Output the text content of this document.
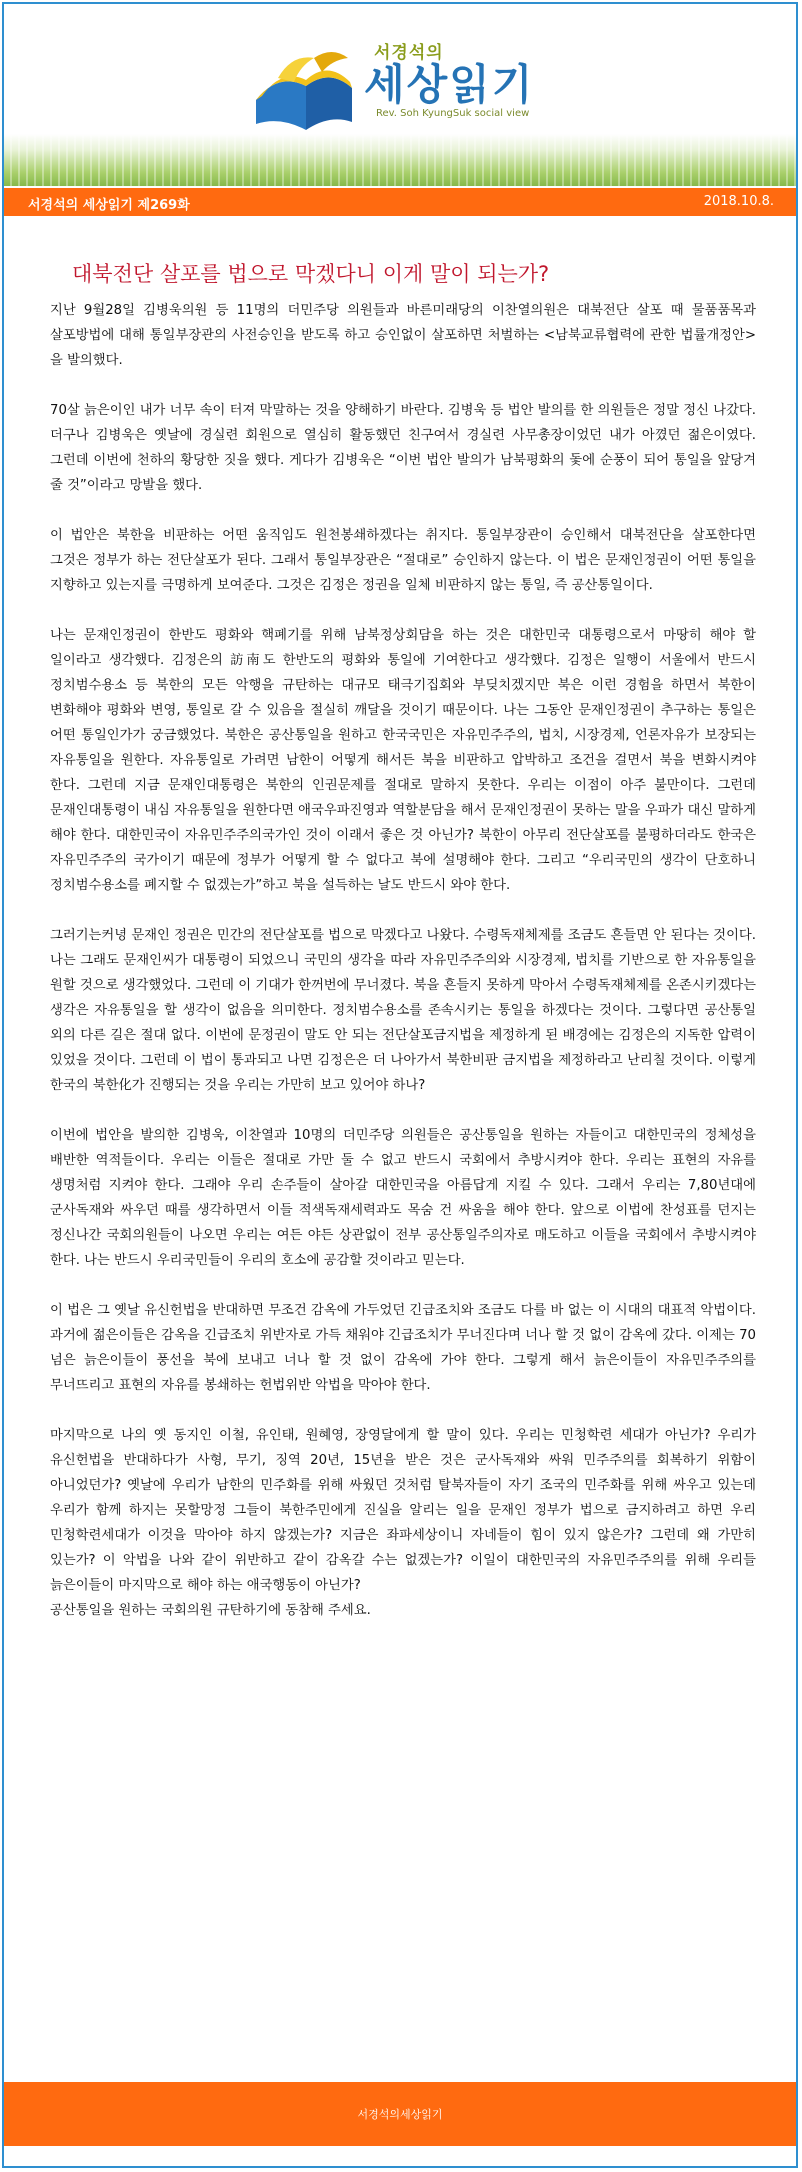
서경석의
세상읽기
Rev. Soh KyungSuk social view
서경석의 세상읽기 제269화	2018.10.8.
대북전단 살포를 법으로 막겠다니 이게 말이 되는가?

지난 9월28일 김병욱의원 등 11명의 더민주당 의원들과 바른미래당의 이찬열의원은 대북전단 살포 때 물품품목과 살포방법에 대해 통일부장관의 사전승인을 받도록 하고 승인없이 살포하면 처벌하는 <남북교류협력에 관한 법률개정안>을 발의했다.

70살 늙은이인 내가 너무 속이 터져 막말하는 것을 양해하기 바란다. 김병욱 등 법안 발의를 한 의원들은 정말 정신 나갔다. 더구나 김병욱은 옛날에 경실련 회원으로 열심히 활동했던 친구여서 경실련 사무총장이었던 내가 아꼈던 젊은이였다. 그런데 이번에 천하의 황당한 짓을 했다. 게다가 김병욱은 “이번 법안 발의가 남북평화의 돛에 순풍이 되어 통일을 앞당겨 줄 것”이라고 망발을 했다.

이 법안은 북한을 비판하는 어떤 움직임도 원천봉쇄하겠다는 취지다. 통일부장관이 승인해서 대북전단을 살포한다면 그것은 정부가 하는 전단살포가 된다. 그래서 통일부장관은 “절대로” 승인하지 않는다. 이 법은 문재인정권이 어떤 통일을 지향하고 있는지를 극명하게 보여준다. 그것은 김정은 정권을 일체 비판하지 않는 통일, 즉 공산통일이다.

나는 문재인정권이 한반도 평화와 핵폐기를 위해 남북정상회담을 하는 것은 대한민국 대통령으로서 마땅히 해야 할 일이라고 생각했다. 김정은의 訪南도 한반도의 평화와 통일에 기여한다고 생각했다. 김정은 일행이 서울에서 반드시 정치범수용소 등 북한의 모든 악행을 규탄하는 대규모 태극기집회와 부딪치겠지만 북은 이런 경험을 하면서 북한이 변화해야 평화와 변영, 통일로 갈 수 있음을 절실히 깨달을 것이기 때문이다. 나는 그동안 문재인정권이 추구하는 통일은 어떤 통일인가가 궁금했었다. 북한은 공산통일을 원하고 한국국민은 자유민주주의, 법치, 시장경제, 언론자유가 보장되는 자유통일을 원한다. 자유통일로 가려면 남한이 어떻게 해서든 북을 비판하고 압박하고 조건을 걸면서 북을 변화시켜야 한다. 그런데 지금 문재인대통령은 북한의 인권문제를 절대로 말하지 못한다. 우리는 이점이 아주 불만이다. 그런데 문재인대통령이 내심 자유통일을 원한다면 애국우파진영과 역할분담을 해서 문재인정권이 못하는 말을 우파가 대신 말하게 해야 한다. 대한민국이 자유민주주의국가인 것이 이래서 좋은 것 아닌가? 북한이 아무리 전단살포를 불평하더라도 한국은 자유민주주의 국가이기 때문에 정부가 어떻게 할 수 없다고 북에 설명해야 한다. 그리고 “우리국민의 생각이 단호하니 정치범수용소를 폐지할 수 없겠는가”하고 북을 설득하는 날도 반드시 와야 한다.

그러기는커녕 문재인 정권은 민간의 전단살포를 법으로 막겠다고 나왔다. 수령독재체제를 조금도 흔들면 안 된다는 것이다. 나는 그래도 문재인씨가 대통령이 되었으니 국민의 생각을 따라 자유민주주의와 시장경제, 법치를 기반으로 한 자유통일을 원할 것으로 생각했었다. 그런데 이 기대가 한꺼번에 무너졌다. 북을 흔들지 못하게 막아서 수령독재체제를 온존시키겠다는 생각은 자유통일을 할 생각이 없음을 의미한다. 정치범수용소를 존속시키는 통일을 하겠다는 것이다. 그렇다면 공산통일 외의 다른 길은 절대 없다. 이번에 문정권이 말도 안 되는 전단살포금지법을 제정하게 된 배경에는 김정은의 지독한 압력이 있었을 것이다. 그런데 이 법이 통과되고 나면 김정은은 더 나아가서 북한비판 금지법을 제정하라고 난리칠 것이다. 이렇게 한국의 북한化가 진행되는 것을 우리는 가만히 보고 있어야 하나?

이번에 법안을 발의한 김병욱, 이찬열과 10명의 더민주당 의원들은 공산통일을 원하는 자들이고 대한민국의 정체성을 배반한 역적들이다. 우리는 이들은 절대로 가만 둘 수 없고 반드시 국회에서 추방시켜야 한다. 우리는 표현의 자유를 생명처럼 지켜야 한다. 그래야 우리 손주들이 살아갈 대한민국을 아름답게 지킬 수 있다. 그래서 우리는 7,80년대에 군사독재와 싸우던 때를 생각하면서 이들 적색독재세력과도 목숨 건 싸움을 해야 한다. 앞으로 이법에 찬성표를 던지는 정신나간 국회의원들이 나오면 우리는 여든 야든 상관없이 전부 공산통일주의자로 매도하고 이들을 국회에서 추방시켜야 한다. 나는 반드시 우리국민들이 우리의 호소에 공감할 것이라고 믿는다.

이 법은 그 옛날 유신헌법을 반대하면 무조건 감옥에 가두었던 긴급조치와 조금도 다를 바 없는 이 시대의 대표적 악법이다. 과거에 젊은이들은 감옥을 긴급조치 위반자로 가득 채워야 긴급조치가 무너진다며 너나 할 것 없이 감옥에 갔다. 이제는 70 넘은 늙은이들이 풍선을 북에 보내고 너나 할 것 없이 감옥에 가야 한다. 그렇게 해서 늙은이들이 자유민주주의를 무너뜨리고 표현의 자유를 봉쇄하는 헌법위반 악법을 막아야 한다.

마지막으로 나의 옛 동지인 이철, 유인태, 원혜영, 장영달에게 할 말이 있다. 우리는 민청학련 세대가 아닌가? 우리가 유신헌법을 반대하다가 사형, 무기, 징역 20년, 15년을 받은 것은 군사독재와 싸워 민주주의를 회복하기 위함이 아니었던가? 옛날에 우리가 남한의 민주화를 위해 싸웠던 것처럼 탈북자들이 자기 조국의 민주화를 위해 싸우고 있는데 우리가 함께 하지는 못할망정 그들이 북한주민에게 진실을 알리는 일을 문재인 정부가 법으로 금지하려고 하면 우리 민청학련세대가 이것을 막아야 하지 않겠는가? 지금은 좌파세상이니 자네들이 힘이 있지 않은가? 그런데 왜 가만히 있는가? 이 악법을 나와 같이 위반하고 같이 감옥갈 수는 없겠는가? 이일이 대한민국의 자유민주주의를 위해 우리들 늙은이들이 마지막으로 해야 하는 애국행동이 아닌가?
공산통일을 원하는 국회의원 규탄하기에 동참해 주세요.

서경석의세상읽기
